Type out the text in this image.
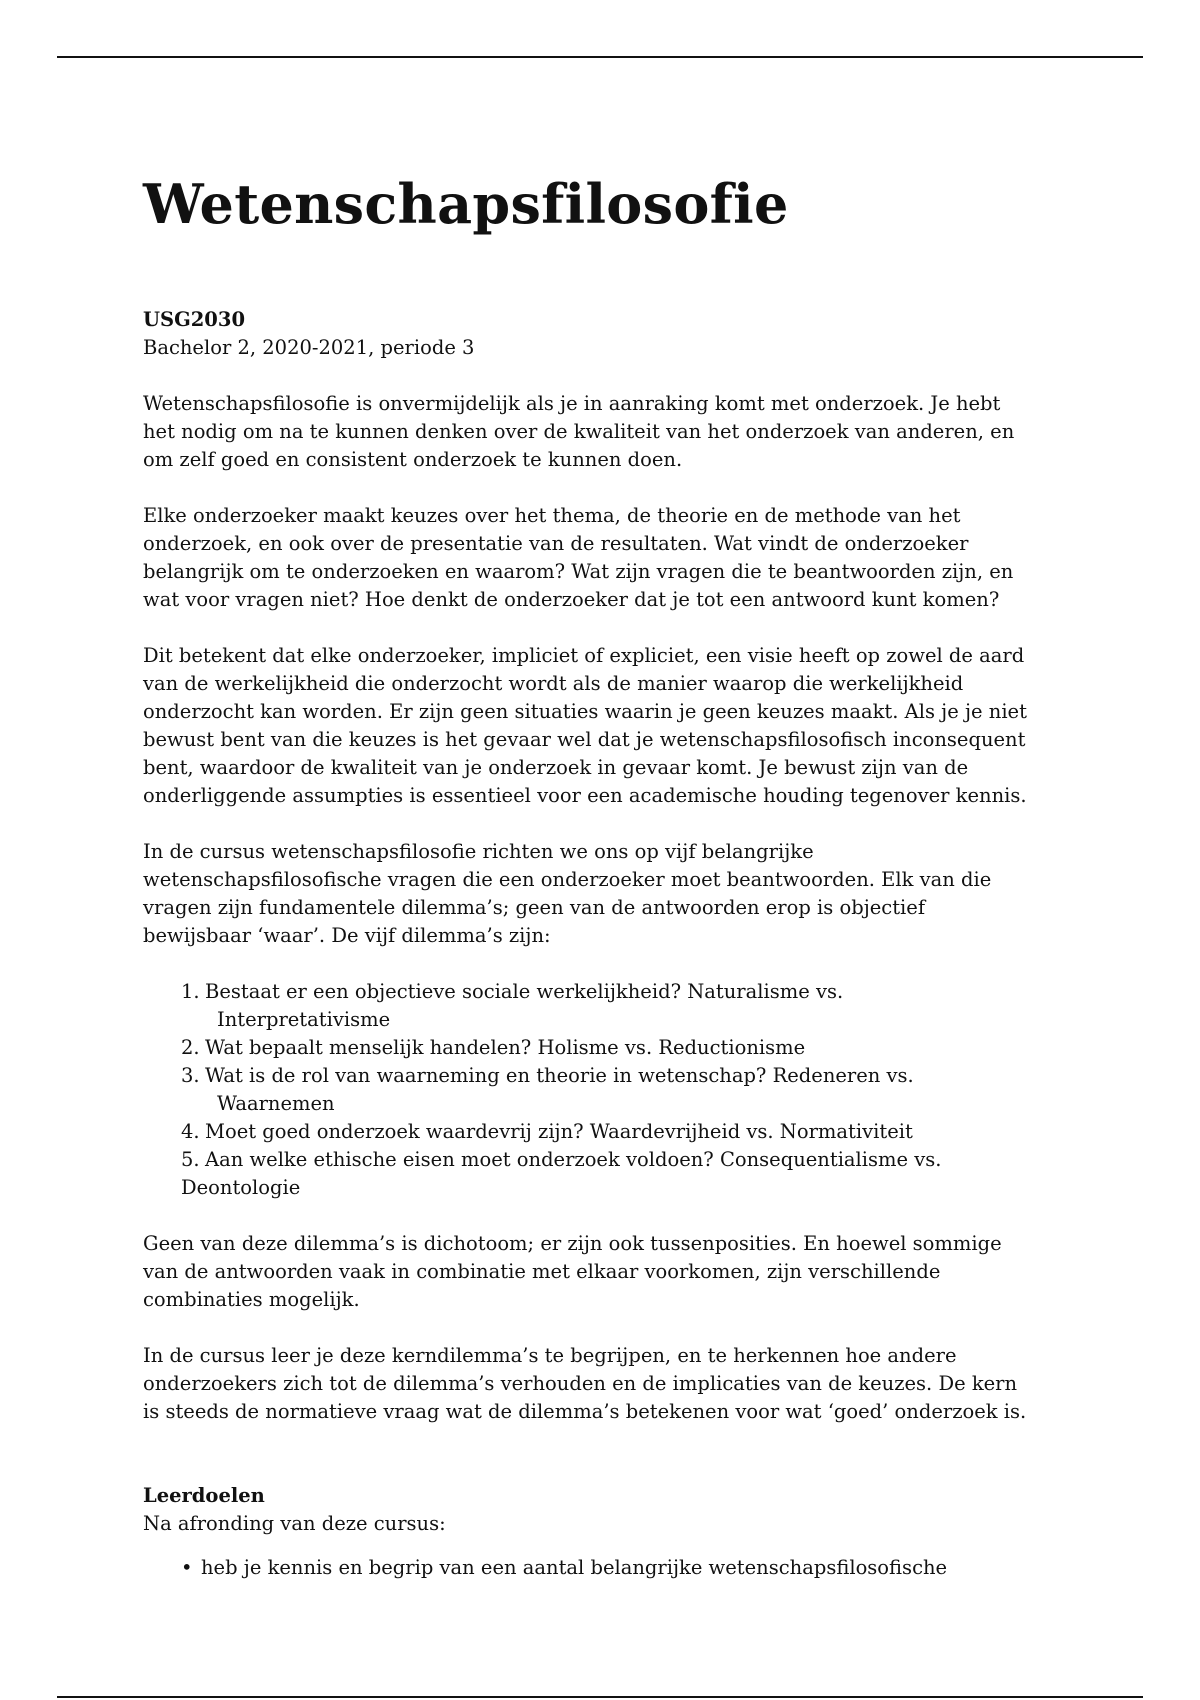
Wetenschapsfilosofie
USG2030
Bachelor 2, 2020-2021, periode 3

Wetenschapsfilosofie is onvermijdelijk als je in aanraking komt met onderzoek. Je hebt
het nodig om na te kunnen denken over de kwaliteit van het onderzoek van anderen, en
om zelf goed en consistent onderzoek te kunnen doen.

Elke onderzoeker maakt keuzes over het thema, de theorie en de methode van het
onderzoek, en ook over de presentatie van de resultaten. Wat vindt de onderzoeker
belangrijk om te onderzoeken en waarom? Wat zijn vragen die te beantwoorden zijn, en
wat voor vragen niet? Hoe denkt de onderzoeker dat je tot een antwoord kunt komen?

Dit betekent dat elke onderzoeker, impliciet of expliciet, een visie heeft op zowel de aard
van de werkelijkheid die onderzocht wordt als de manier waarop die werkelijkheid
onderzocht kan worden. Er zijn geen situaties waarin je geen keuzes maakt. Als je je niet
bewust bent van die keuzes is het gevaar wel dat je wetenschapsfilosofisch inconsequent
bent, waardoor de kwaliteit van je onderzoek in gevaar komt. Je bewust zijn van de
onderliggende assumpties is essentieel voor een academische houding tegenover kennis.

In de cursus wetenschapsfilosofie richten we ons op vijf belangrijke
wetenschapsfilosofische vragen die een onderzoeker moet beantwoorden. Elk van die
vragen zijn fundamentele dilemma’s; geen van de antwoorden erop is objectief
bewijsbaar ‘waar’. De vijf dilemma’s zijn:

1. Bestaat er een objectieve sociale werkelijkheid? Naturalisme vs.
Interpretativisme
2. Wat bepaalt menselijk handelen? Holisme vs. Reductionisme
3. Wat is de rol van waarneming en theorie in wetenschap? Redeneren vs.
Waarnemen
4. Moet goed onderzoek waardevrij zijn? Waardevrijheid vs. Normativiteit
5. Aan welke ethische eisen moet onderzoek voldoen? Consequentialisme vs.
Deontologie

Geen van deze dilemma’s is dichotoom; er zijn ook tussenposities. En hoewel sommige
van de antwoorden vaak in combinatie met elkaar voorkomen, zijn verschillende
combinaties mogelijk.

In de cursus leer je deze kerndilemma’s te begrijpen, en te herkennen hoe andere
onderzoekers zich tot de dilemma’s verhouden en de implicaties van de keuzes. De kern
is steeds de normatieve vraag wat de dilemma’s betekenen voor wat ‘goed’ onderzoek is.

Leerdoelen

Na afronding van deze cursus:

• heb je kennis en begrip van een aantal belangrijke wetenschapsfilosofische
